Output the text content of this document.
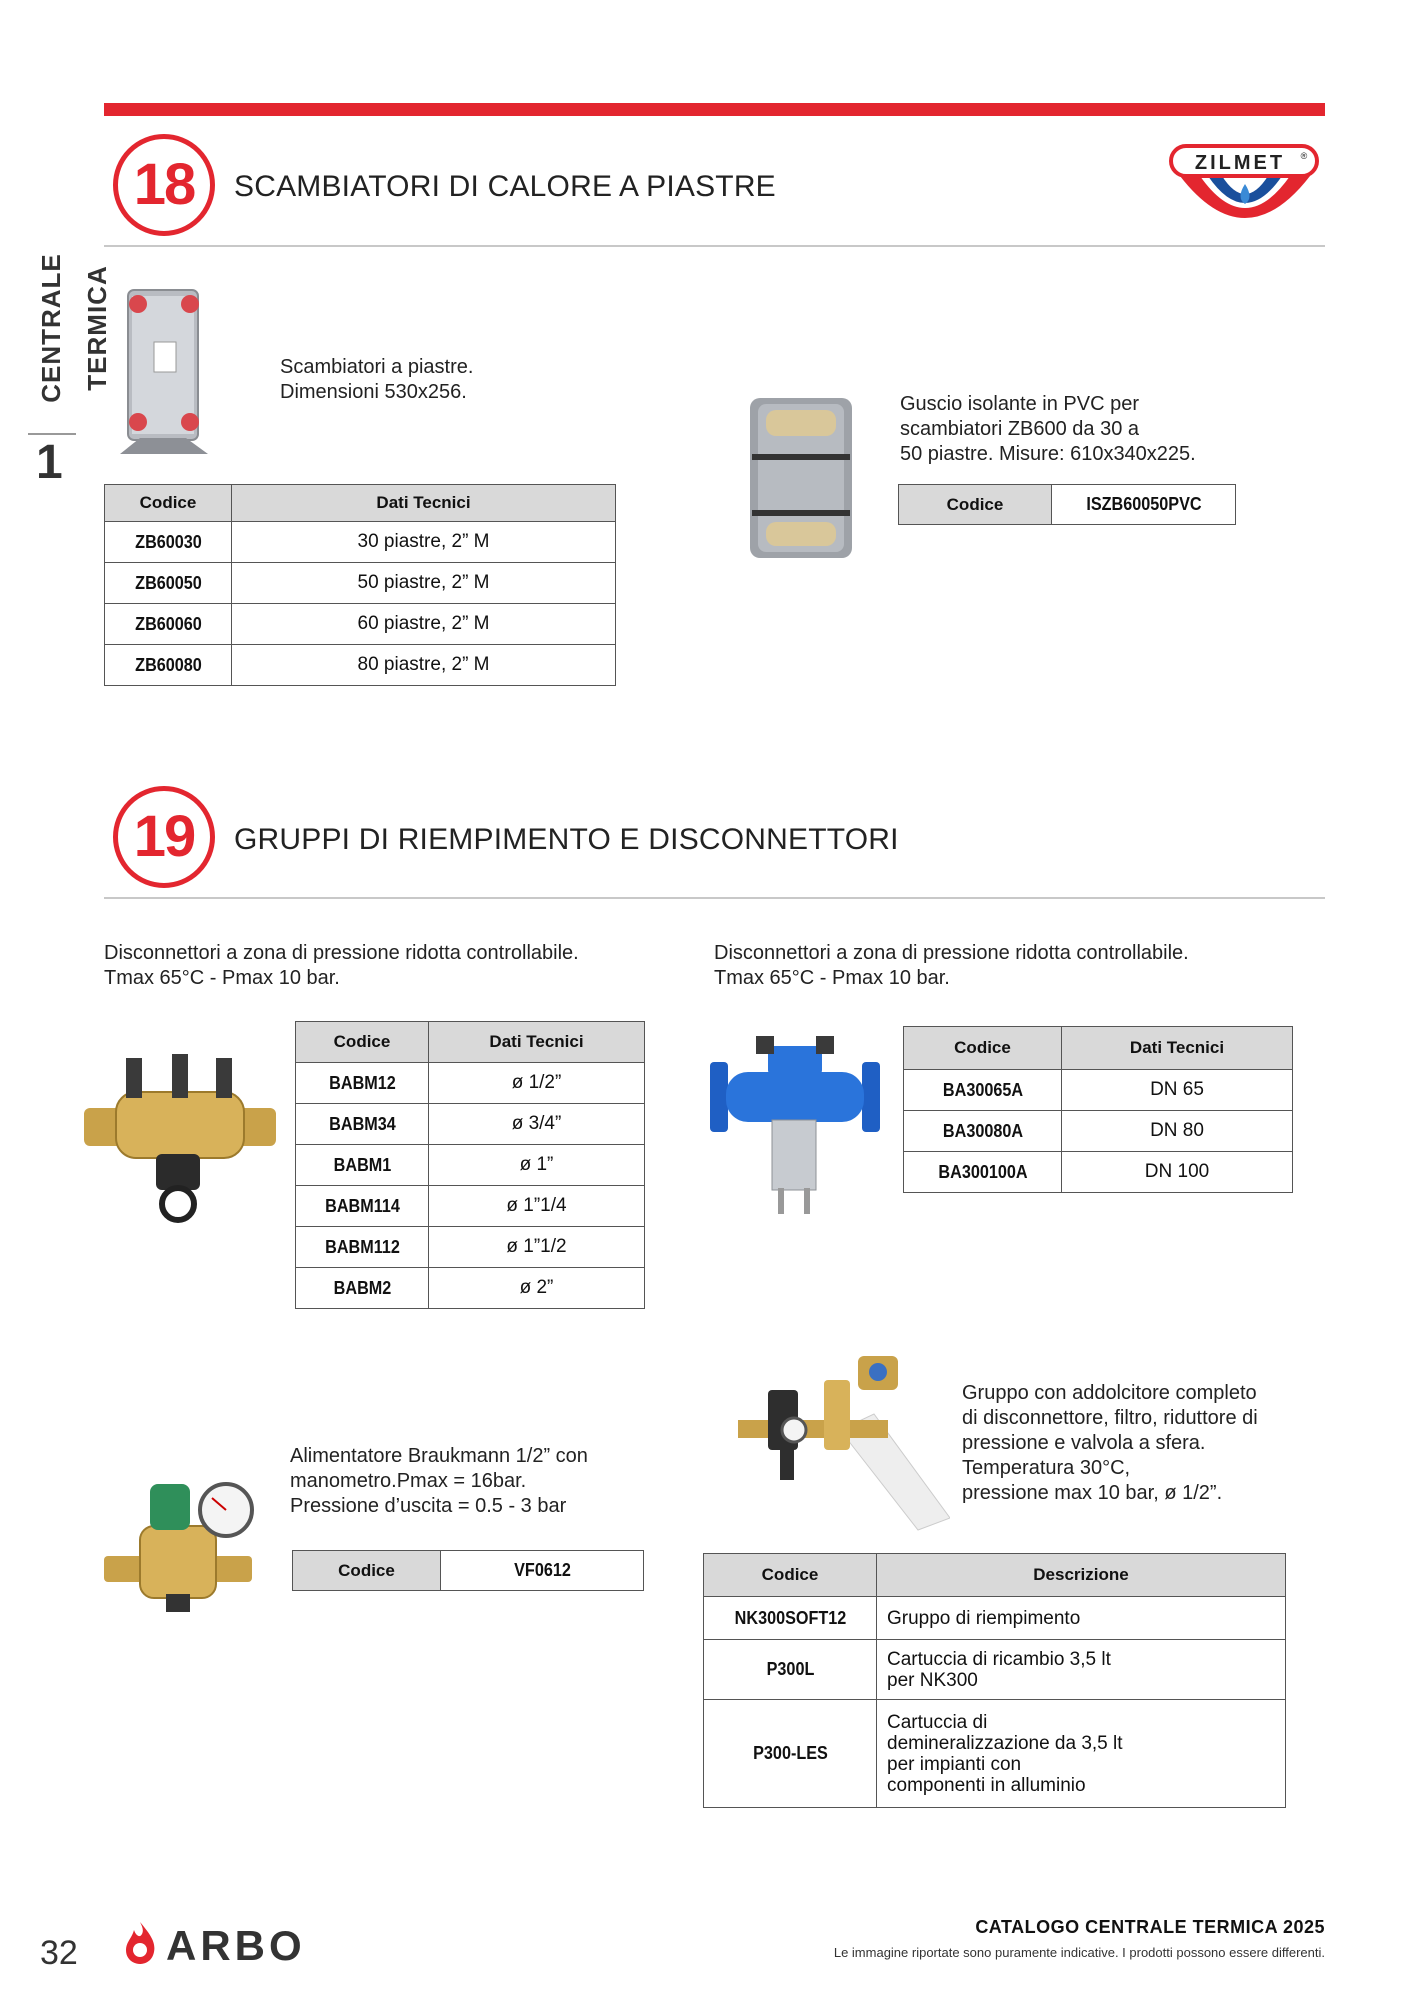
CENTRALE TERMICA
1
18	SCAMBIATORI DI CALORE A PIASTRE
ZILMET ®
Scambiatori a piastre.
Dimensioni 530x256.
Codice	Dati Tecnici
ZB60030	30 piastre, 2” M
ZB60050	50 piastre, 2” M
ZB60060	60 piastre, 2” M
ZB60080	80 piastre, 2” M
Guscio isolante in PVC per
scambiatori ZB600 da 30 a
50 piastre. Misure: 610x340x225.
Codice	ISZB60050PVC
19	GRUPPI DI RIEMPIMENTO E DISCONNETTORI
Disconnettori a zona di pressione ridotta controllabile.
Tmax 65°C - Pmax 10 bar.
Codice	Dati Tecnici
BABM12	ø 1/2”
BABM34	ø 3/4”
BABM1	ø 1”
BABM114	ø 1”1/4
BABM112	ø 1”1/2
BABM2	ø 2”
Disconnettori a zona di pressione ridotta controllabile.
Tmax 65°C - Pmax 10 bar.
Codice	Dati Tecnici
BA30065A	DN 65
BA30080A	DN 80
BA300100A	DN 100
Alimentatore Braukmann 1/2” con
manometro.Pmax = 16bar.
Pressione d’uscita = 0.5 - 3 bar
Codice	VF0612
Gruppo con addolcitore completo
di disconnettore, filtro, riduttore di
pressione e valvola a sfera.
Temperatura 30°C,
pressione max 10 bar, ø 1/2”.
Codice	Descrizione
NK300SOFT12	Gruppo di riempimento
P300L	Cartuccia di ricambio 3,5 lt
per NK300
P300-LES	Cartuccia di
demineralizzazione da 3,5 lt
per impianti con
componenti in alluminio
32 ARBO	CATALOGO CENTRALE TERMICA 2025
Le immagine riportate sono puramente indicative. I prodotti possono essere differenti.
